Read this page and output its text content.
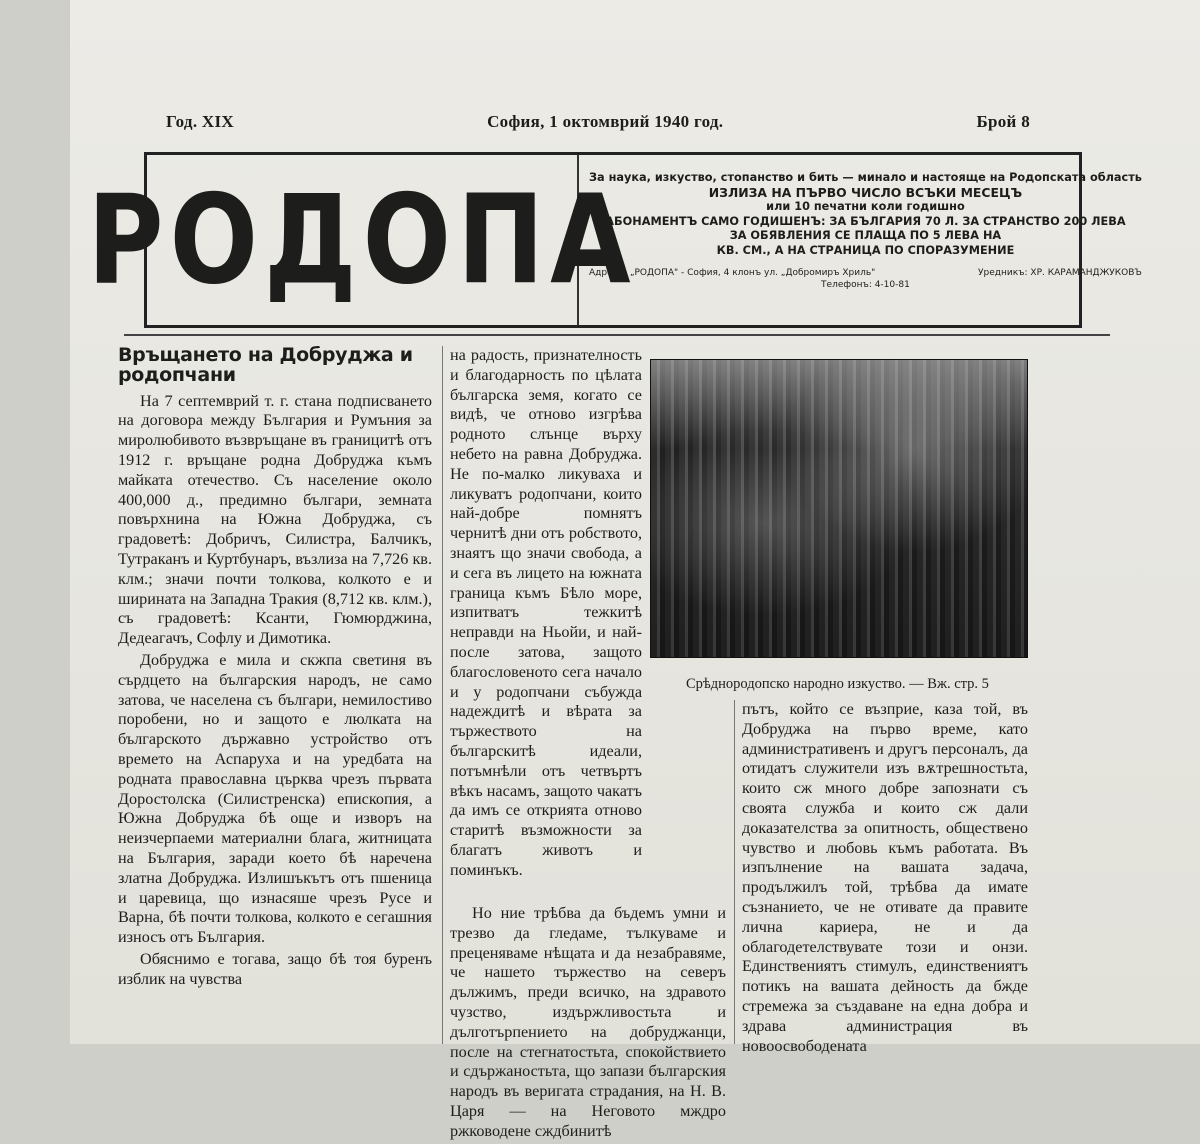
Год. XIX	София, 1 октомврий 1940 год.	Брой 8
РОДОПА
За наука, изкуство, стопанство и бить — минало и настояще на Родопската область
ИЗЛИЗА НА ПЪРВО ЧИСЛО ВСЪКИ МЕСЕЦЪ
или 10 печатни коли годишно
АБОНАМЕНТЪ САМО ГОДИШЕНЪ: ЗА БЪЛГАРИЯ 70 Л. ЗА СТРАНСТВО 200 ЛЕВА
ЗА ОБЯВЛЕНИЯ СЕ ПЛАЩА ПО 5 ЛЕВА НА
КВ. СМ., А НА СТРАНИЦА ПО СПОРАЗУМЕНИЕ
Адресъ: „РОДОПА" - София, 4 клонъ ул. „Добромиръ Хриль"	Уредникъ: ХР. КАРАМАНДЖУКОВЪ
Телефонъ: 4-10-81
Връщането на Добруджа и родопчани

На 7 септемврий т. г. стана подписването на договора между България и Румъния за миролюбивото възвръщане въ границитѣ отъ 1912 г. връщане родна Добруджа къмъ майката отечество. Съ население около 400,000 д., предимно българи, земната повърхнина на Южна Добруджа, съ градоветѣ: Добричъ, Силистра, Балчикъ, Тутраканъ и Куртбунаръ, възлиза на 7,726 кв. клм.; значи почти толкова, колкото е и ширината на Западна Тракия (8,712 кв. клм.), съ градоветѣ: Ксанти, Гюмюрджина, Дедеагачъ, Софлу и Димотика.

Добруджа е мила и скжпа светиня въ сърдцето на българския народъ, не само затова, че населена съ българи, немилостиво поробени, но и защото е люлката на българското държавно устройство отъ времето на Аспаруха и на уредбата на родната православна църква чрезъ първата Доростолска (Силистренска) епископия, а Южна Добруджа бѣ още и изворъ на неизчерпаеми материални блага, житницата на България, заради което бѣ наречена златна Добруджа. Излишъкътъ отъ пшеница и царевица, що изнасяше чрезъ Русе и Варна, бѣ почти толкова, колкото е сегашния износъ отъ България.

Обяснимо е тогава, защо бѣ тоя буренъ изблик на чувства

на радость, признателность и благодарность по цѣлата българска земя, когато се видѣ, че отново изгрѣва родното слънце върху небето на равна Добруджа. Не по-малко ликуваха и ликуватъ родопчани, които най-добре помнятъ чернитѣ дни отъ робството, знаятъ що значи свобода, а и сега въ лицето на южната граница къмъ Бѣло море, изпитватъ тежкитѣ неправди на Ньойи, и най-после затова, защото благословеното сега начало и у родопчани събужда надеждитѣ и вѣрата за тържеството на българскитѣ идеали, потъмнѣли отъ четвъртъ вѣкъ насамъ, защото чакатъ да имъ се открията отново старитѣ възможности за благатъ животъ и поминъкъ.

Срѣднородопско народно изкуство. — Вж. стр. 5

Но ние трѣбва да бъдемъ умни и трезво да гледаме, тълкуваме и преценяваме нѣщата и да незабравяме, че нашето тържество на северъ дължимъ, преди всичко, на здравото чузство, издържливостьта и дълготърпението на добруджанци, после на стегнатостьта, спокойствието и сдържаностьта, що запази българския народъ въ веригата страдания, на Н. В. Царя — на Неговото мждро ржководене сждбинитѣ

пътъ, който се възприе, каза той, въ Добруджа на първо време, като административенъ и другъ персоналъ, да отидатъ служители изъ вѫтрешностьта, които сж много добре запознати съ своята служба и които сж дали доказателства за опитность, обществено чувство и любовь къмъ работата. Въ изпълнение на вашата задача, продължилъ той, трѣбва да имате съзнанието, че не отивате да правите лична кариера, не и да облагодетелствувате този и онзи. Единствениятъ стимулъ, единствениятъ потикъ на вашата дейность да бжде стремежа за създаване на една добра и здрава администрация въ новоосвободената
